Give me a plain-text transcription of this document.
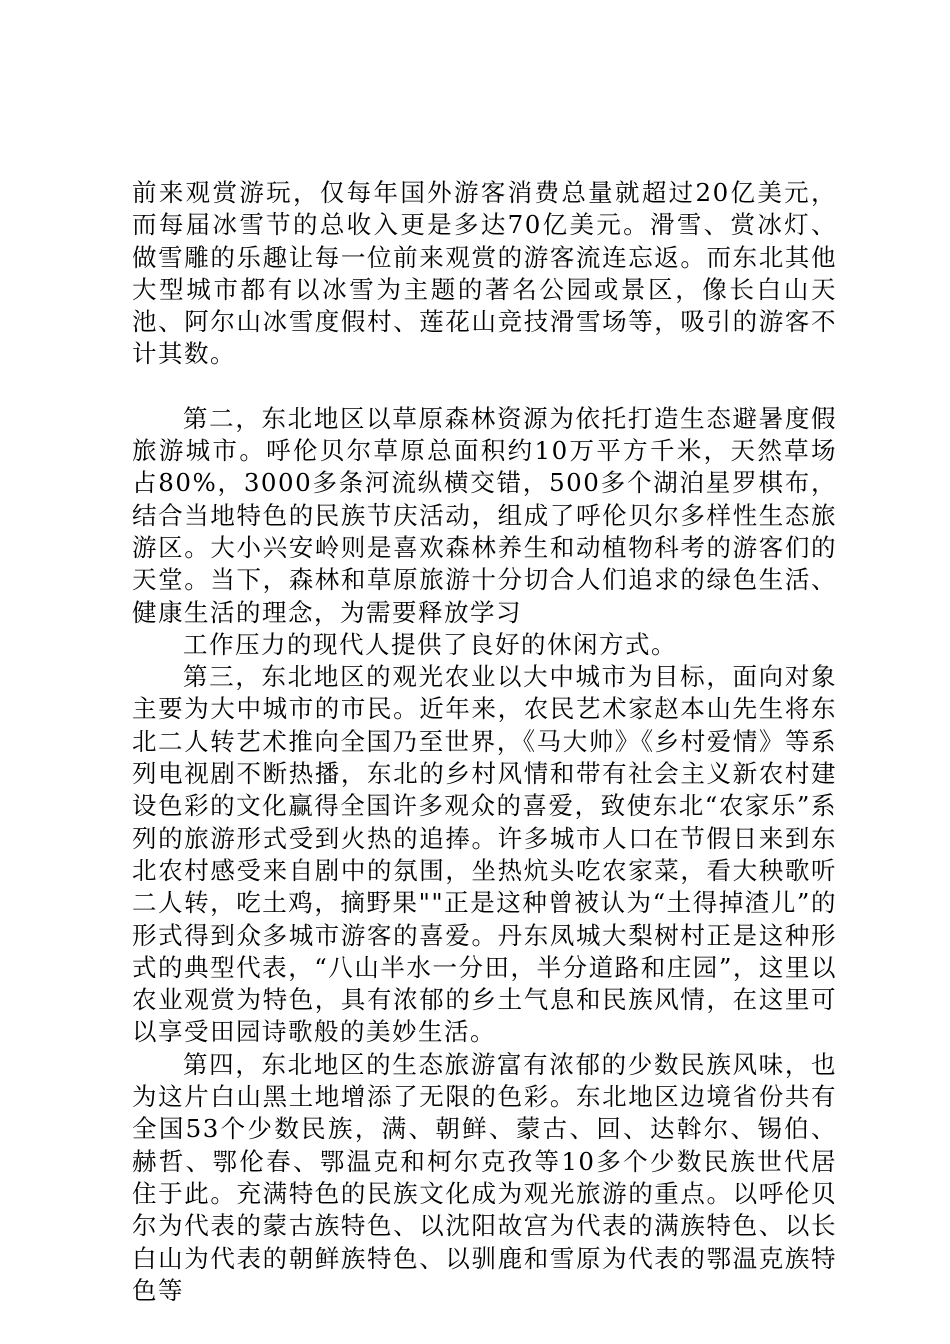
前来观赏游玩，仅每年国外游客消费总量就超过20亿美元，而每届冰雪节的总收入更是多达70亿美元。滑雪、赏冰灯、做雪雕的乐趣让每一位前来观赏的游客流连忘返。而东北其他大型城市都有以冰雪为主题的著名公园或景区，像长白山天池、阿尔山冰雪度假村、莲花山竞技滑雪场等，吸引的游客不计其数。

第二，东北地区以草原森林资源为依托打造生态避暑度假旅游城市。呼伦贝尔草原总面积约10万平方千米，天然草场占80%，3000多条河流纵横交错，500多个湖泊星罗棋布，结合当地特色的民族节庆活动，组成了呼伦贝尔多样性生态旅游区。大小兴安岭则是喜欢森林养生和动植物科考的游客们的天堂。当下，森林和草原旅游十分切合人们追求的绿色生活、健康生活的理念，为需要释放学习

工作压力的现代人提供了良好的休闲方式。

第三，东北地区的观光农业以大中城市为目标，面向对象主要为大中城市的市民。近年来，农民艺术家赵本山先生将东北二人转艺术推向全国乃至世界，《马大帅》《乡村爱情》等系列电视剧不断热播，东北的乡村风情和带有社会主义新农村建设色彩的文化赢得全国许多观众的喜爱，致使东北“农家乐”系列的旅游形式受到火热的追捧。许多城市人口在节假日来到东北农村感受来自剧中的氛围，坐热炕头吃农家菜，看大秧歌听二人转，吃土鸡，摘野果""正是这种曾被认为“土得掉渣儿”的形式得到众多城市游客的喜爱。丹东凤城大梨树村正是这种形式的典型代表，“八山半水一分田，半分道路和庄园”，这里以农业观赏为特色，具有浓郁的乡土气息和民族风情，在这里可以享受田园诗歌般的美妙生活。

第四，东北地区的生态旅游富有浓郁的少数民族风味，也为这片白山黑土地增添了无限的色彩。东北地区边境省份共有全国53个少数民族，满、朝鲜、蒙古、回、达斡尔、锡伯、赫哲、鄂伦春、鄂温克和柯尔克孜等10多个少数民族世代居住于此。充满特色的民族文化成为观光旅游的重点。以呼伦贝尔为代表的蒙古族特色、以沈阳故宫为代表的满族特色、以长白山为代表的朝鲜族特色、以驯鹿和雪原为代表的鄂温克族特色等
